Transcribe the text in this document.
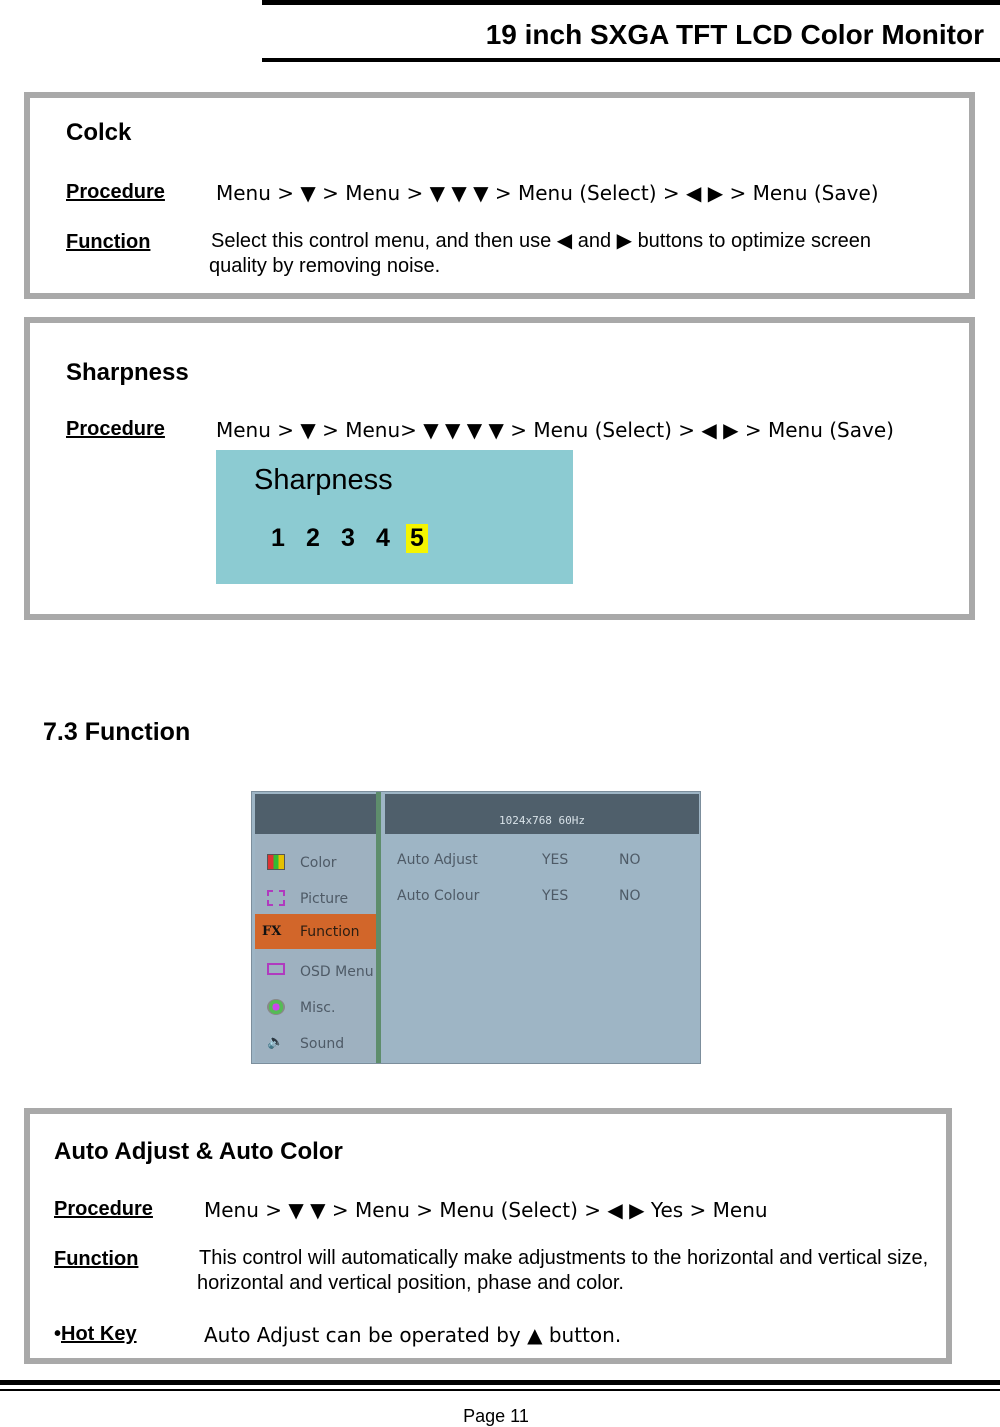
19 inch SXGA TFT LCD Color Monitor
Colck
Procedure	Menu > ▼ > Menu > ▼ ▼ ▼ > Menu (Select) > ◀ ▶ > Menu (Save)
Function	Select this control menu, and then use ◀ and ▶ buttons to optimize screen quality by removing noise.
Sharpness
Procedure	Menu > ▼ > Menu> ▼ ▼ ▼ ▼ > Menu (Select) > ◀ ▶ > Menu (Save)
Sharpness
1 2 3 4 5
7.3 Function
Color
Picture
FX	Function
OSD Menu
Misc.
🔈 Sound
1024x768 60Hz
Auto Adjust	YES	NO
Auto Colour	YES	NO
Auto Adjust & Auto Color
Procedure	Menu > ▼ ▼ > Menu > Menu (Select) > ◀ ▶ Yes > Menu
Function	This control will automatically make adjustments to the horizontal and vertical size, horizontal and vertical position, phase and color.
• Hot Key	Auto Adjust can be operated by ▲ button.
Page 11
